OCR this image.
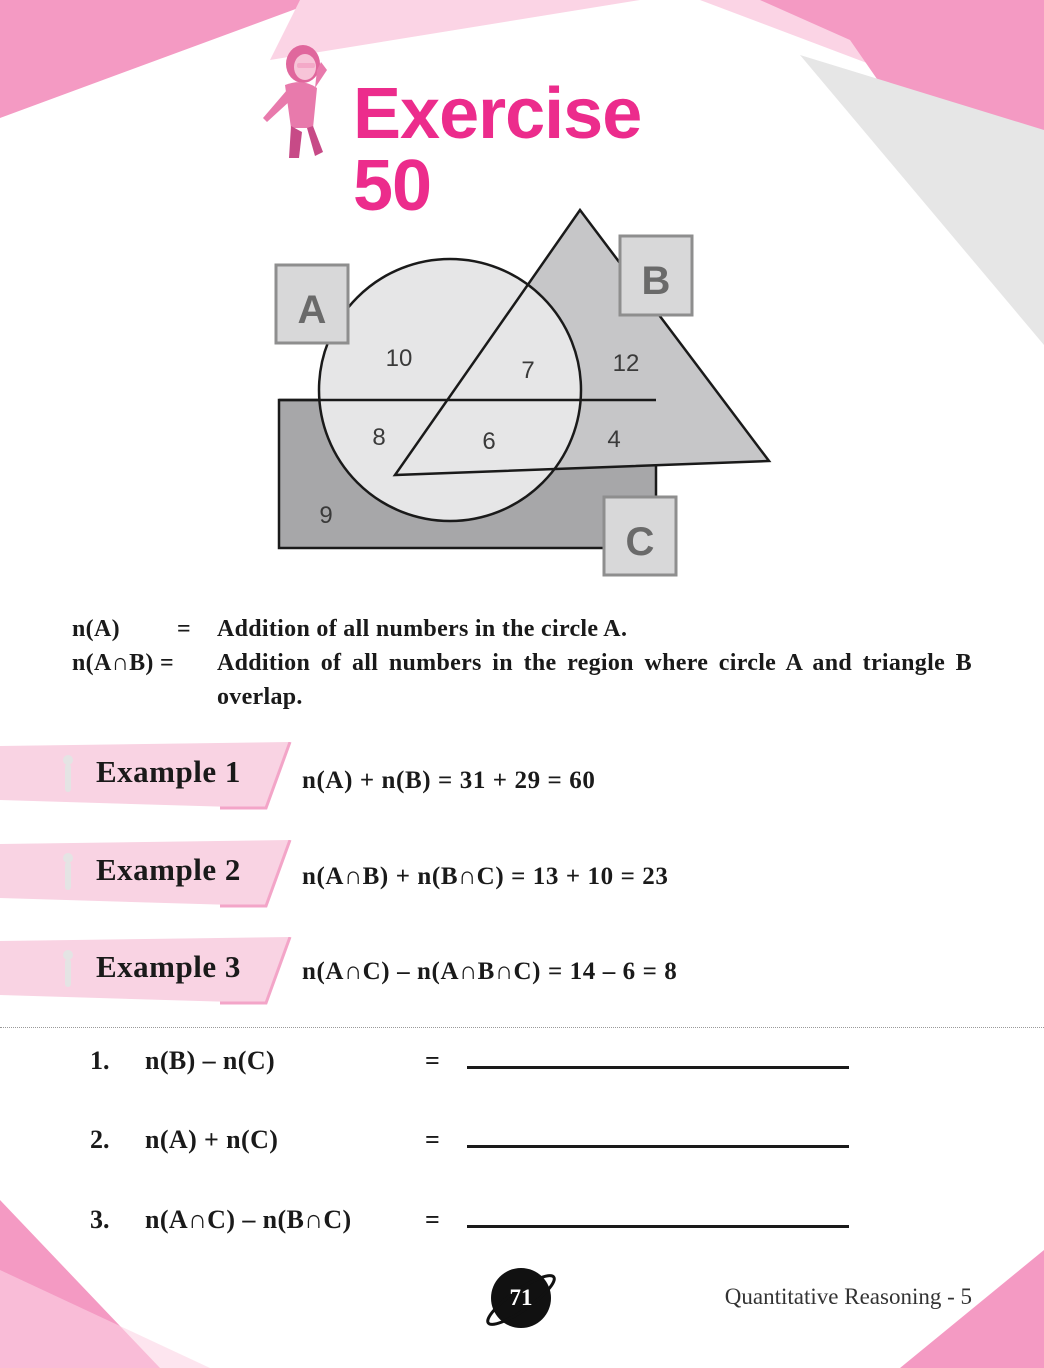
Exercise 50
A
B
C
10	7	12
8	6	4
9
n(A)	=	Addition of all numbers in the circle A.
n(A∩B) =	Addition of all numbers in the region where circle A and triangle B overlap.
Example 1 n(A) + n(B) = 31 + 29 = 60
Example 2 n(A∩B) + n(B∩C) = 13 + 10 = 23
Example 3 n(A∩C) – n(A∩B∩C) = 14 – 6 = 8
1. n(B) – n(C)	=
2. n(A) + n(C)	=
3. n(A∩C) – n(B∩C)	=
71	Quantitative Reasoning - 5
